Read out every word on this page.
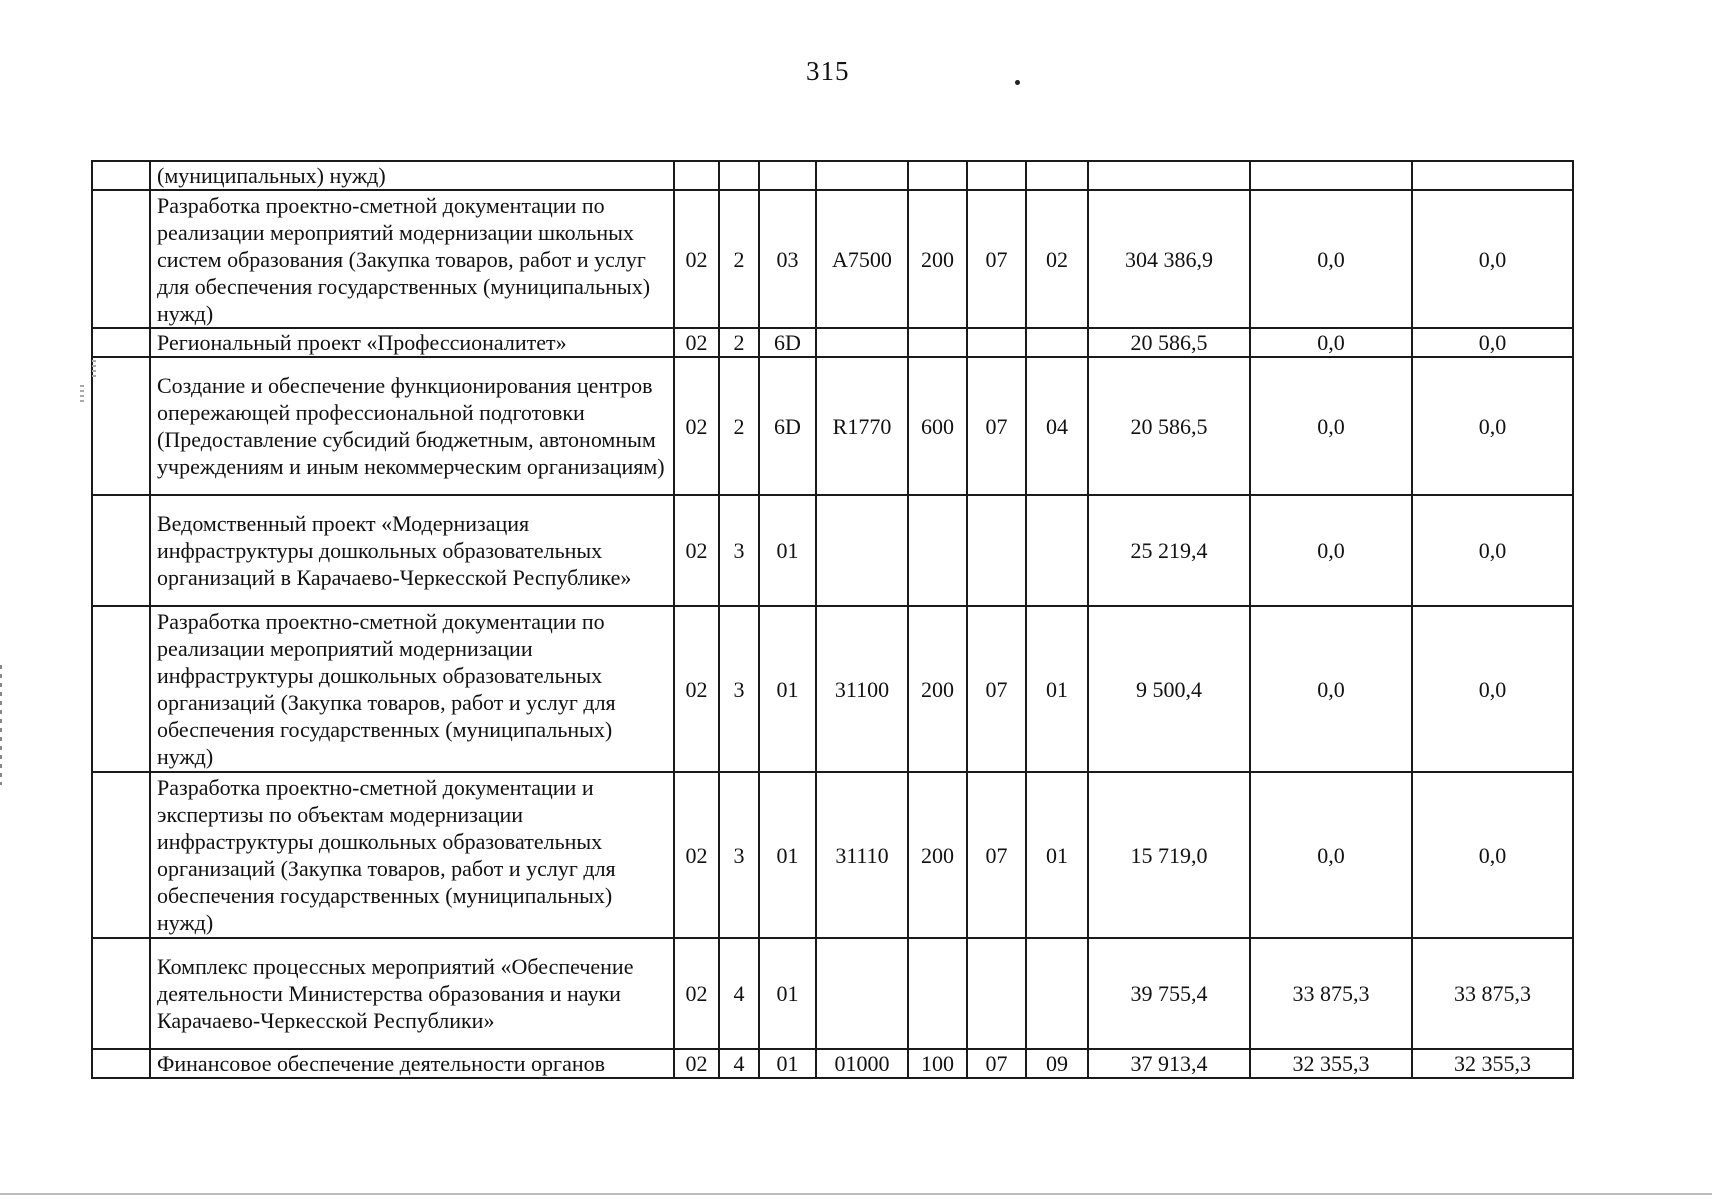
315
	(муниципальных) нужд)										
	Разработка проектно-сметной документации по реализации мероприятий модернизации школьных систем образования (Закупка товаров, работ и услуг для обеспечения государственных (муниципальных) нужд)	02	2	03	А7500	200	07	02	304 386,9	0,0	0,0
	Региональный проект «Профессионалитет»	02	2	6D					20 586,5	0,0	0,0
	Создание и обеспечение функционирования центров опережающей профессиональной подготовки (Предоставление субсидий бюджетным, автономным учреждениям и иным некоммерческим организациям)	02	2	6D	R1770	600	07	04	20 586,5	0,0	0,0
	Ведомственный проект «Модернизация инфраструктуры дошкольных образовательных организаций в Карачаево-Черкесской Республике»	02	3	01					25 219,4	0,0	0,0
	Разработка проектно-сметной документации по реализации мероприятий модернизации инфраструктуры дошкольных образовательных организаций (Закупка товаров, работ и услуг для обеспечения государственных (муниципальных) нужд)	02	3	01	31100	200	07	01	9 500,4	0,0	0,0
	Разработка проектно-сметной документации и экспертизы по объектам модернизации инфраструктуры дошкольных образовательных организаций (Закупка товаров, работ и услуг для обеспечения государственных (муниципальных) нужд)	02	3	01	31110	200	07	01	15 719,0	0,0	0,0
	Комплекс процессных мероприятий «Обеспечение деятельности Министерства образования и науки Карачаево-Черкесской Республики»	02	4	01					39 755,4	33 875,3	33 875,3
	Финансовое обеспечение деятельности органов	02	4	01	01000	100	07	09	37 913,4	32 355,3	32 355,3
